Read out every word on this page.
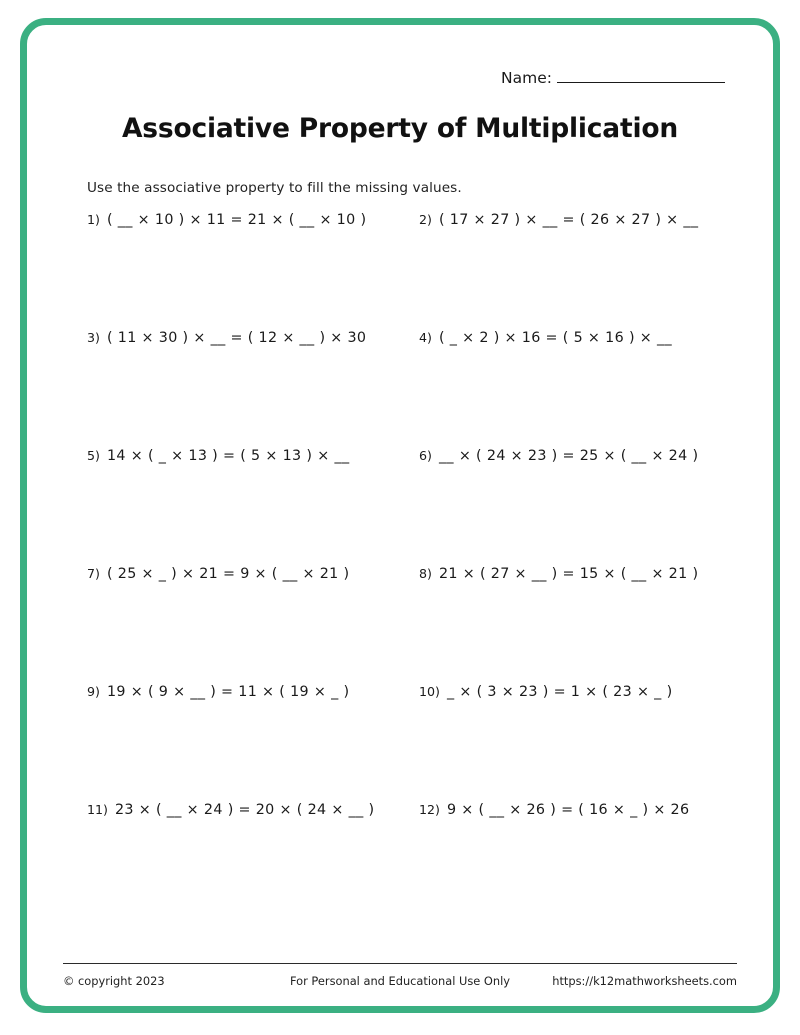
Name:
Associative Property of Multiplication
Use the associative property to fill the missing values.
1) ( __ × 10 ) × 11 = 21 × ( __ × 10 )	2) ( 17 × 27 ) × __ = ( 26 × 27 ) × __
3) ( 11 × 30 ) × __ = ( 12 × __ ) × 30	4) ( _ × 2 ) × 16 = ( 5 × 16 ) × __
5) 14 × ( _ × 13 ) = ( 5 × 13 ) × __	6) __ × ( 24 × 23 ) = 25 × ( __ × 24 )
7) ( 25 × _ ) × 21 = 9 × ( __ × 21 )	8) 21 × ( 27 × __ ) = 15 × ( __ × 21 )
9) 19 × ( 9 × __ ) = 11 × ( 19 × _ )	10) _ × ( 3 × 23 ) = 1 × ( 23 × _ )
11) 23 × ( __ × 24 ) = 20 × ( 24 × __ )	12) 9 × ( __ × 26 ) = ( 16 × _ ) × 26
© copyright 2023	For Personal and Educational Use Only	https://k12mathworksheets.com
